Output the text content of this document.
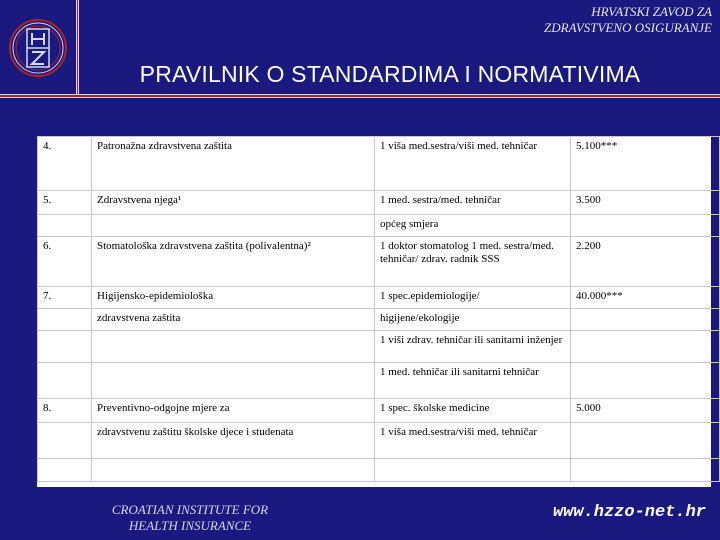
HRVATSKI ZAVOD ZA
ZDRAVSTVENO OSIGURANJE
PRAVILNIK O STANDARDIMA I NORMATIVIMA
4.	Patronažna zdravstvena zaštita	1 viša med.sestra/viši med. tehničar	5.100***
5.	Zdravstvena njega¹	1 med. sestra/med. tehničar	3.500
		općeg smjera	
6.	Stomatološka zdravstvena zaštita (polivalentna)²	1 doktor stomatolog 1 med. sestra/med. tehničar/ zdrav. radnik SSS	2.200
7.	Higijensko-epidemiološka	1 spec.epidemiologije/	40.000***
	zdravstvena zaštita	higijene/ekologije	
		1 viši zdrav. tehničar ili sanitarni inženjer	
		1 med. tehničar ili sanitarni tehničar	
8.	Preventivno-odgojne mjere za	1 spec. školske medicine	5.000
	zdravstvenu zaštitu školske djece i studenata	1 viša med.sestra/viši med. tehničar	

CROATIAN INSTITUTE FOR
HEALTH INSURANCE
www.hzzo-net.hr
